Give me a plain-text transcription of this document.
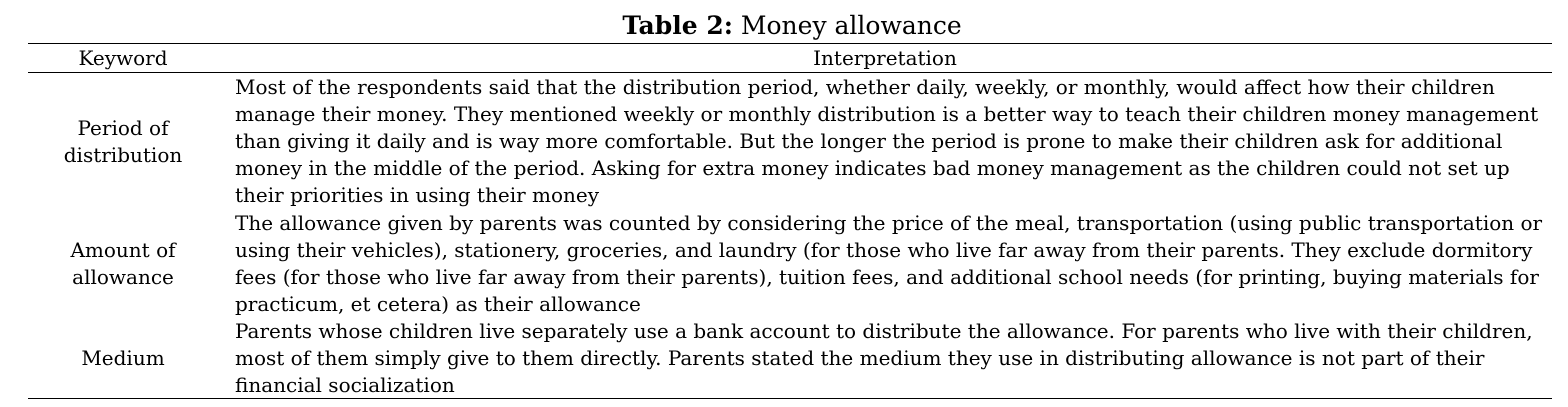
Table 2: Money allowance
Keyword	Interpretation
Period of distribution
Most of the respondents said that the distribution period, whether daily, weekly, or monthly, would affect how their children manage their money. They mentioned weekly or monthly distribution is a better way to teach their children money management than giving it daily and is way more comfortable. But the longer the period is prone to make their children ask for additional money in the middle of the period. Asking for extra money indicates bad money management as the children could not set up their priorities in using their money
Amount of allowance
The allowance given by parents was counted by considering the price of the meal, transportation (using public transportation or using their vehicles), stationery, groceries, and laundry (for those who live far away from their parents. They exclude dormitory fees (for those who live far away from their parents), tuition fees, and additional school needs (for printing, buying materials for practicum, et cetera) as their allowance
Medium
Parents whose children live separately use a bank account to distribute the allowance. For parents who live with their children, most of them simply give to them directly. Parents stated the medium they use in distributing allowance is not part of their financial socialization
